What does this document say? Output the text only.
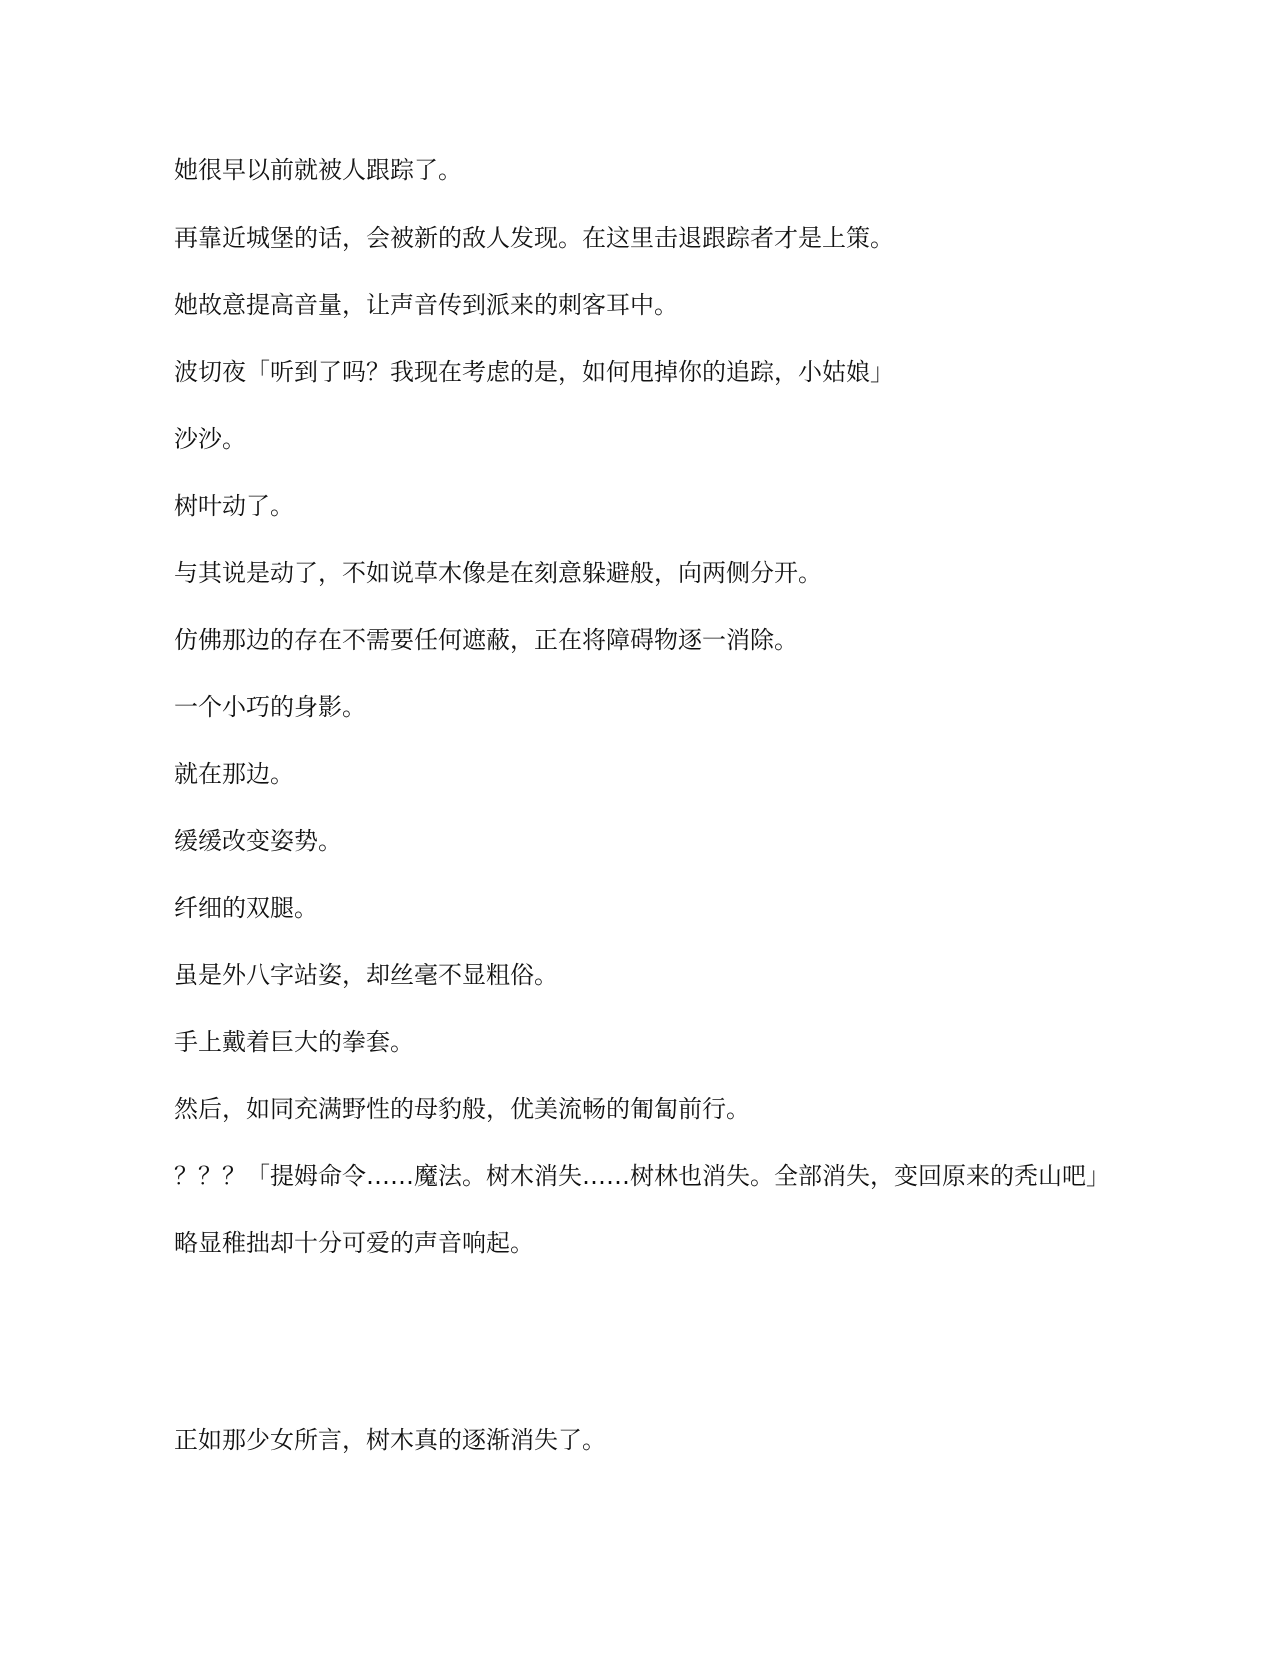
她很早以前就被人跟踪了。

再靠近城堡的话，会被新的敌人发现。在这里击退跟踪者才是上策。

她故意提高音量，让声音传到派来的刺客耳中。

波切夜「听到了吗？我现在考虑的是，如何甩掉你的追踪，小姑娘」

沙沙。

树叶动了。

与其说是动了，不如说草木像是在刻意躲避般，向两侧分开。

仿佛那边的存在不需要任何遮蔽，正在将障碍物逐一消除。

一个小巧的身影。

就在那边。

缓缓改变姿势。

纤细的双腿。

虽是外八字站姿，却丝毫不显粗俗。

手上戴着巨大的拳套。

然后，如同充满野性的母豹般，优美流畅的匍匐前行。

？？？「提姆命令……魔法。树木消失……树林也消失。全部消失，变回原来的秃山吧」

略显稚拙却十分可爱的声音响起。

正如那少女所言，树木真的逐渐消失了。
